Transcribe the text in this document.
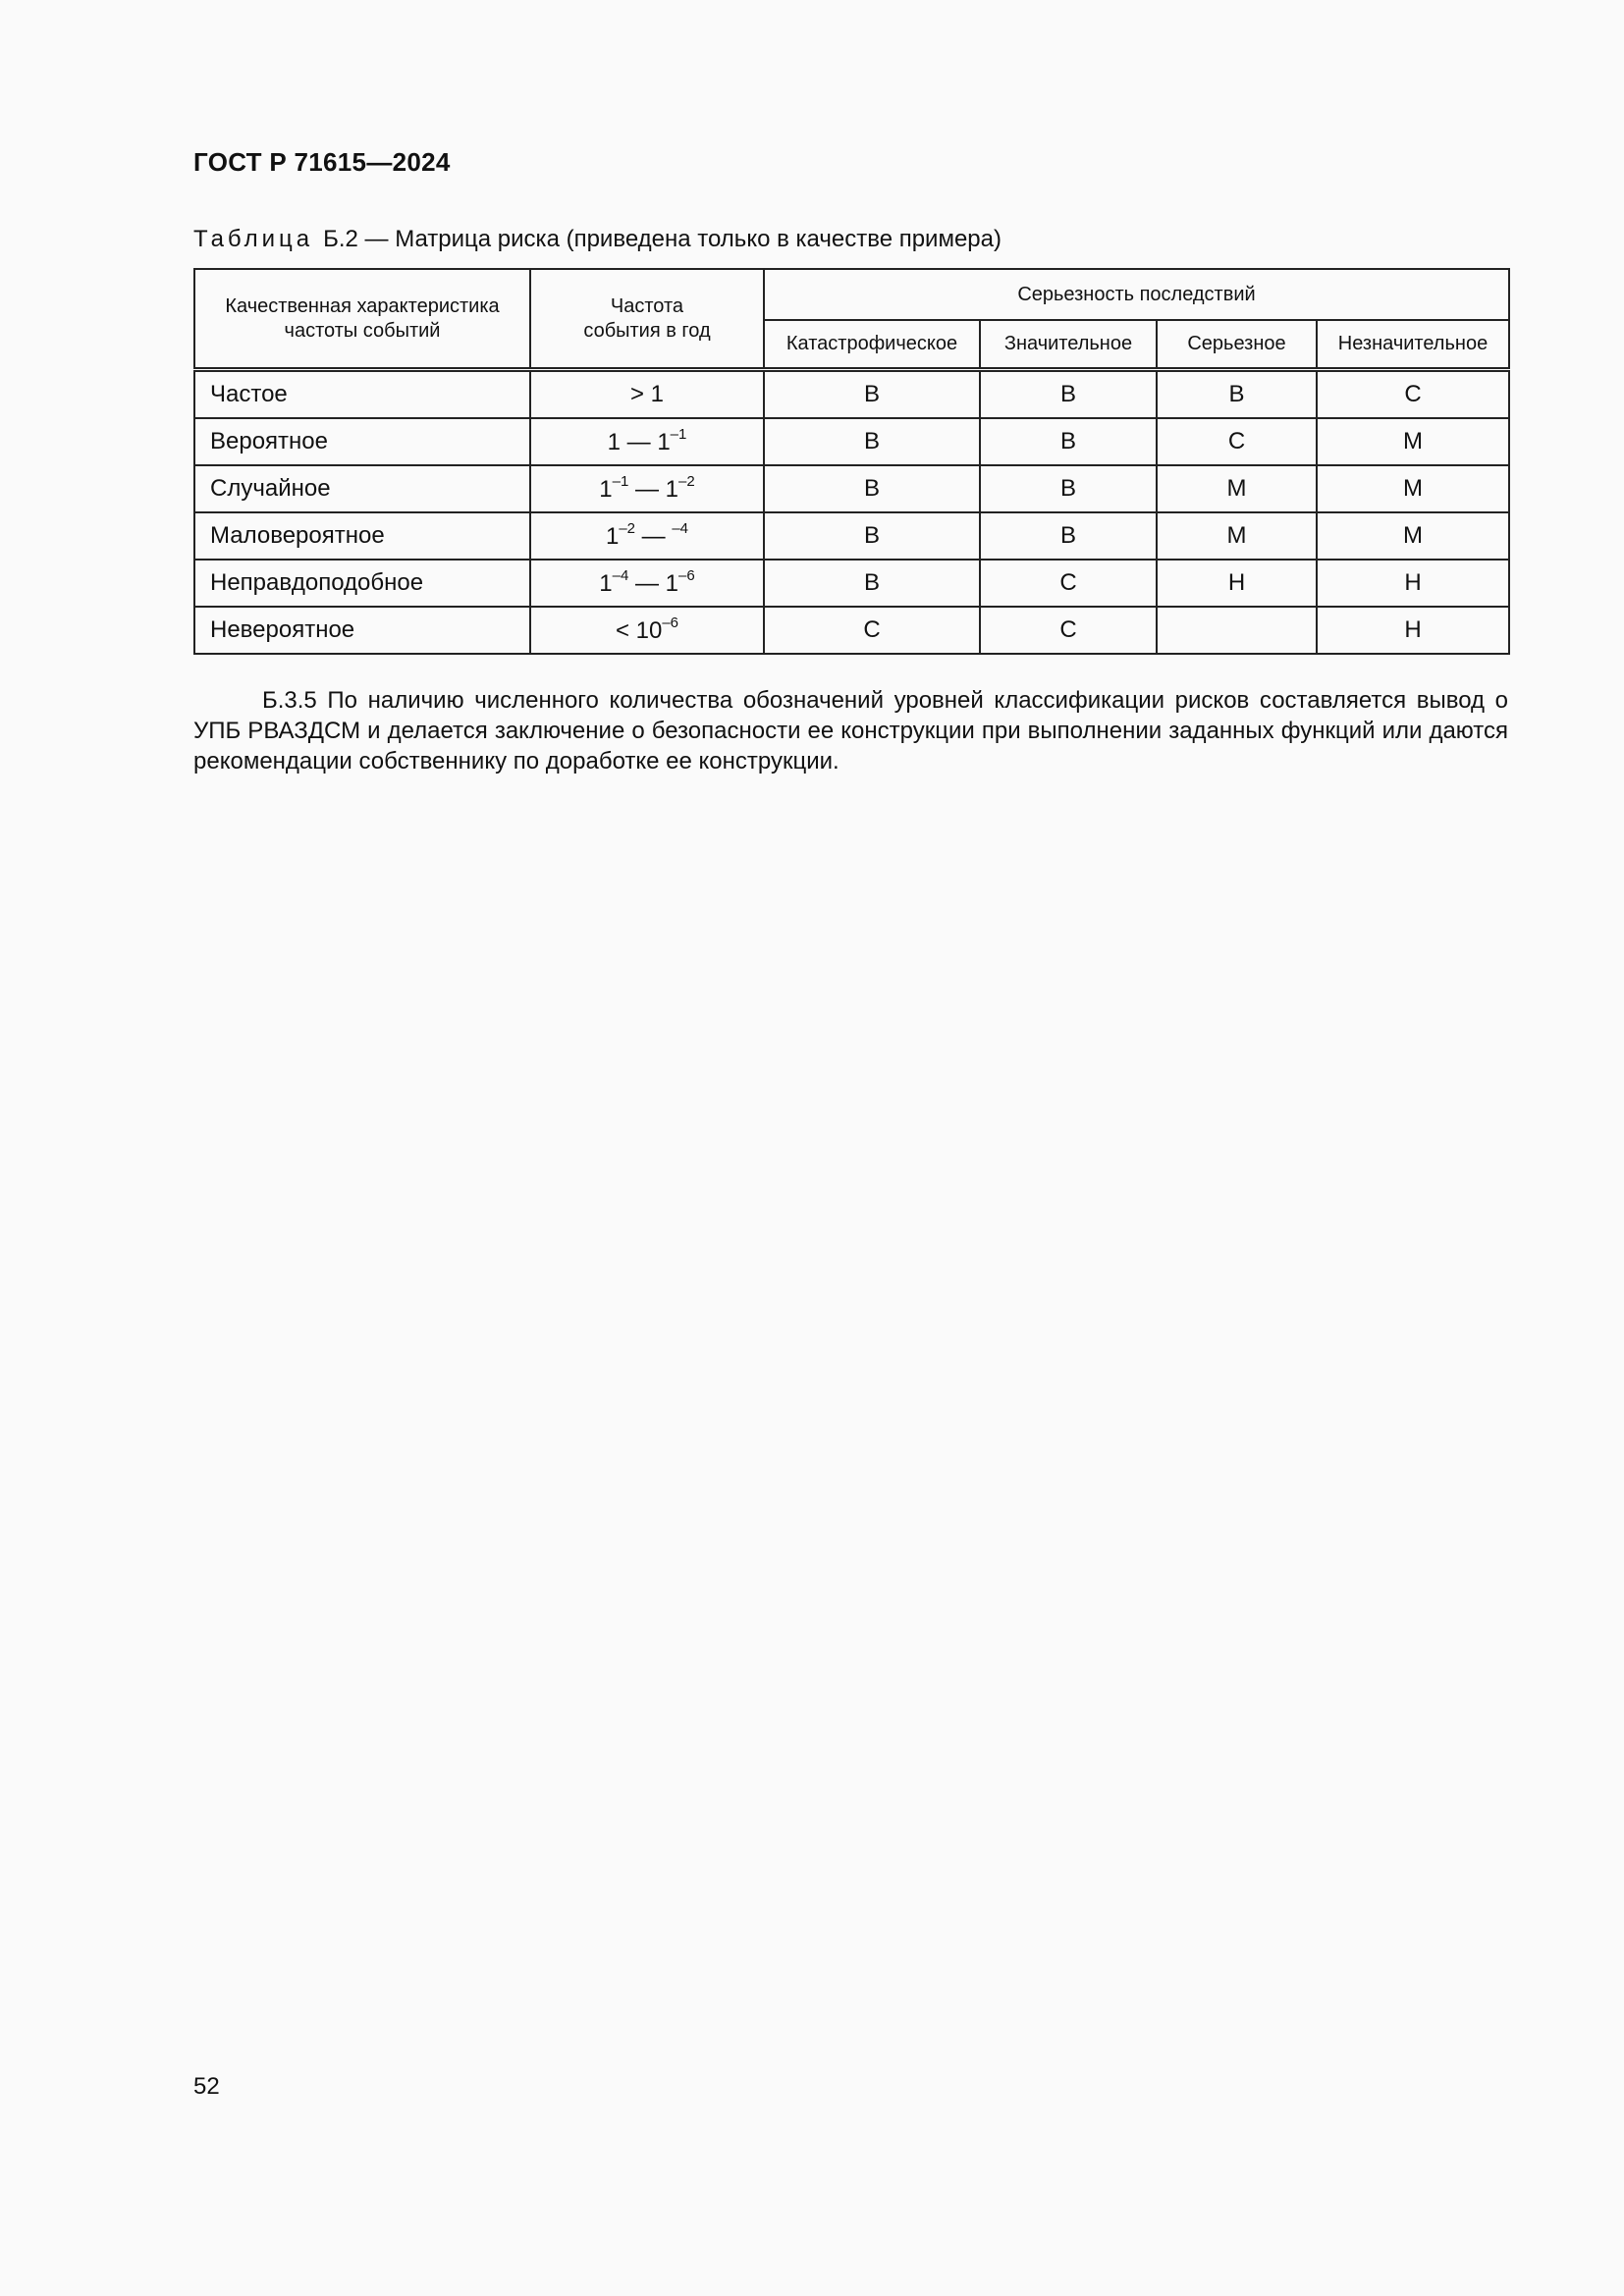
ГОСТ Р 71615—2024
Таблица Б.2 — Матрица риска (приведена только в качестве примера)
Качественная характеристика частоты событий	Частота события в год	Серьезность последствий			
		Катастрофическое	Значительное	Серьезное	Незначительное
Частое	> 1	В	В	В	С
Вероятное	1 — $1^{-1}$	В	В	С	М
Случайное	$1^{-1}$ — $1^{-2}$	В	В	М	М
Маловероятное	$1^{-2}$ — $^{-4}$	В	В	М	М
Неправдоподобное	$1^{-4}$ — $1^{-6}$	В	С	Н	Н
Невероятное	< $10^{-6}$	С	С		Н
Б.3.5 По наличию численного количества обозначений уровней классификации рисков составляется вывод о УПБ РВАЗДСМ и делается заключение о безопасности ее конструкции при выполнении заданных функций или даются рекомендации собственнику по доработке ее конструкции.
52
